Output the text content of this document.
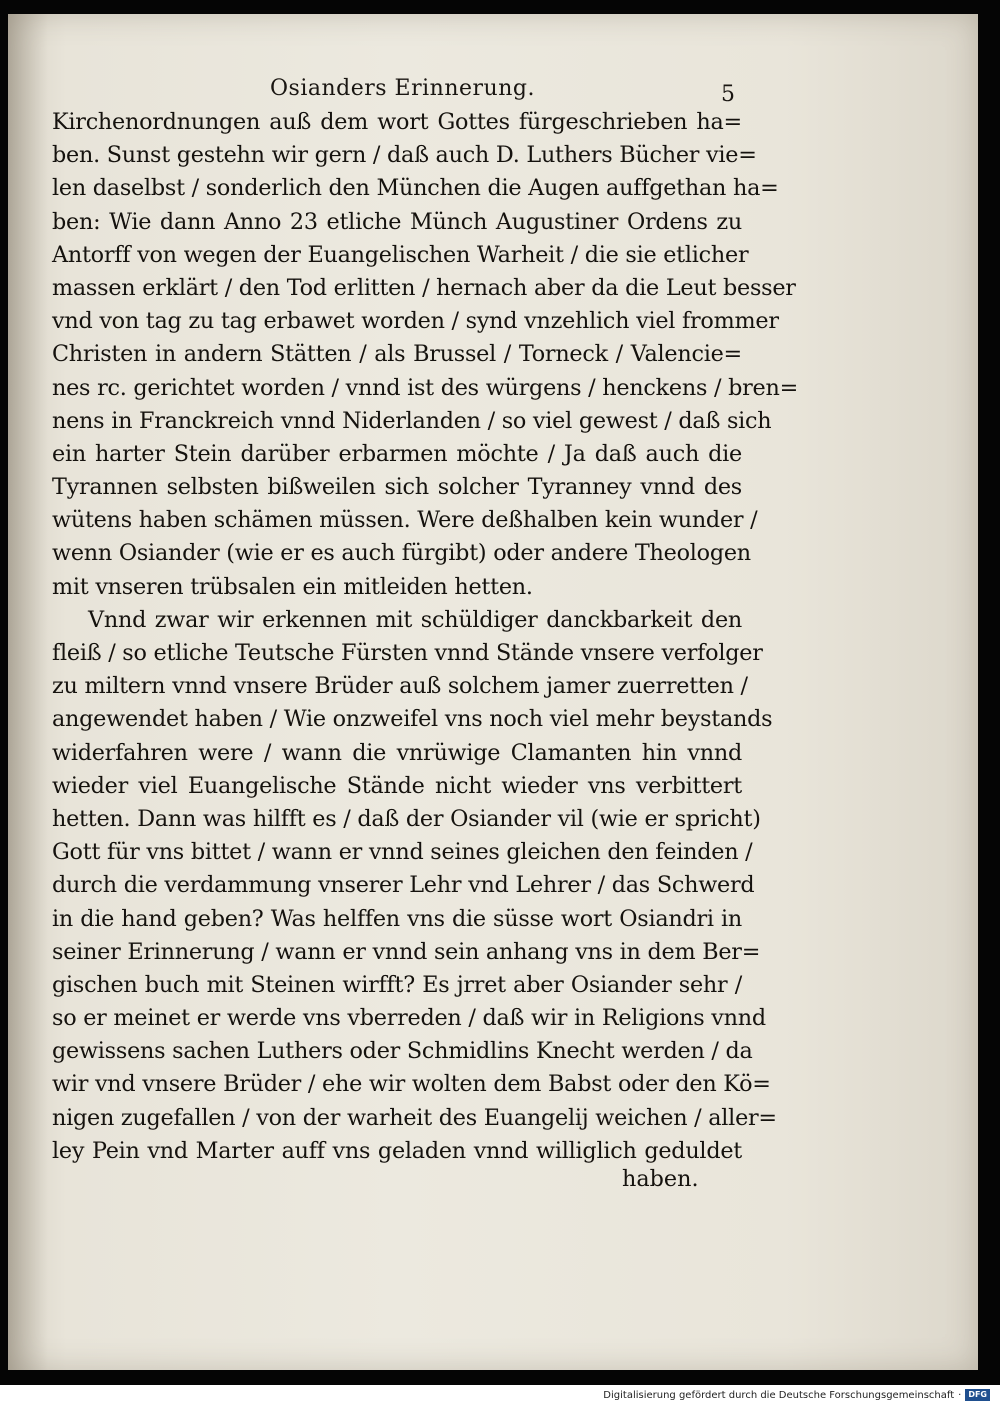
Osianders Erinnerung.	5
Kirchenordnungen auß dem wort Gottes fürgeschrieben ha=
ben. Sunst gestehn wir gern / daß auch D. Luthers Bücher vie=
len daselbst / sonderlich den München die Augen auffgethan ha=
ben: Wie dann Anno 23 etliche Münch Augustiner Ordens zu
Antorff von wegen der Euangelischen Warheit / die sie etlicher
massen erklärt / den Tod erlitten / hernach aber da die Leut besser
vnd von tag zu tag erbawet worden / synd vnzehlich viel frommer
Christen in andern Stätten / als Brussel / Torneck / Valencie=
nes rc. gerichtet worden / vnnd ist des würgens / henckens / bren=
nens in Franckreich vnnd Niderlanden / so viel gewest / daß sich
ein harter Stein darüber erbarmen möchte / Ja daß auch die
Tyrannen selbsten bißweilen sich solcher Tyranney vnnd des
wütens haben schämen müssen. Were deßhalben kein wunder /
wenn Osiander (wie er es auch fürgibt) oder andere Theologen
mit vnseren trübsalen ein mitleiden hetten.
Vnnd zwar wir erkennen mit schüldiger danckbarkeit den
fleiß / so etliche Teutsche Fürsten vnnd Stände vnsere verfolger
zu miltern vnnd vnsere Brüder auß solchem jamer zuerretten /
angewendet haben / Wie onzweifel vns noch viel mehr beystands
widerfahren were / wann die vnrüwige Clamanten hin vnnd
wieder viel Euangelische Stände nicht wieder vns verbittert
hetten. Dann was hilfft es / daß der Osiander vil (wie er spricht)
Gott für vns bittet / wann er vnnd seines gleichen den feinden /
durch die verdammung vnserer Lehr vnd Lehrer / das Schwerd
in die hand geben? Was helffen vns die süsse wort Osiandri in
seiner Erinnerung / wann er vnnd sein anhang vns in dem Ber=
gischen buch mit Steinen wirfft? Es jrret aber Osiander sehr /
so er meinet er werde vns vberreden / daß wir in Religions vnnd
gewissens sachen Luthers oder Schmidlins Knecht werden / da
wir vnd vnsere Brüder / ehe wir wolten dem Babst oder den Kö=
nigen zugefallen / von der warheit des Euangelij weichen / aller=
ley Pein vnd Marter auff vns geladen vnnd williglich geduldet
haben.
Digitalisierung gefördert durch die Deutsche Forschungsgemeinschaft · DFG
